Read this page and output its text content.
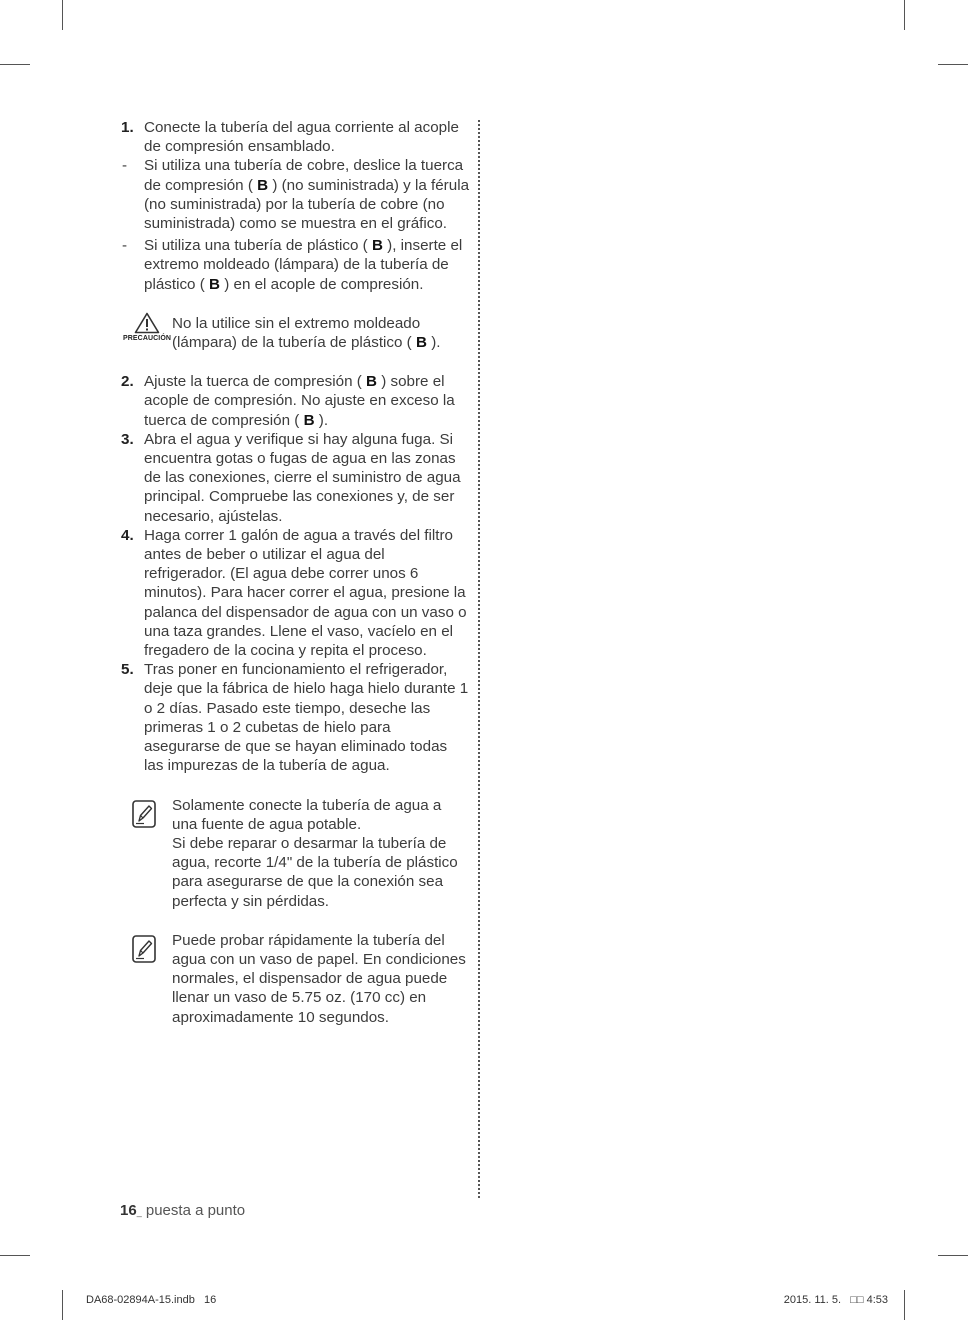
1. Conecte la tubería del agua corriente al acople de compresión ensamblado.
- Si utiliza una tubería de cobre, deslice la tuerca de compresión ( B ) (no suministrada) y la férula (no suministrada) por la tubería de cobre (no suministrada) como se muestra en el gráfico.
- Si utiliza una tubería de plástico ( B ), inserte el extremo moldeado (lámpara) de la tubería de plástico ( B ) en el acople de compresión.
PRECAUCIÓN
No la utilice sin el extremo moldeado (lámpara) de la tubería de plástico ( B ).
2. Ajuste la tuerca de compresión ( B ) sobre el acople de compresión. No ajuste en exceso la tuerca de compresión ( B ).
3. Abra el agua y verifique si hay alguna fuga. Si encuentra gotas o fugas de agua en las zonas de las conexiones, cierre el suministro de agua principal. Compruebe las conexiones y, de ser necesario, ajústelas.
4. Haga correr 1 galón de agua a través del filtro antes de beber o utilizar el agua del refrigerador. (El agua debe correr unos 6 minutos). Para hacer correr el agua, presione la palanca del dispensador de agua con un vaso o una taza grandes. Llene el vaso, vacíelo en el fregadero de la cocina y repita el proceso.
5. Tras poner en funcionamiento el refrigerador, deje que la fábrica de hielo haga hielo durante 1 o 2 días. Pasado este tiempo, deseche las primeras 1 o 2 cubetas de hielo para asegurarse de que se hayan eliminado todas las impurezas de la tubería de agua.
Solamente conecte la tubería de agua a una fuente de agua potable.
Si debe reparar o desarmar la tubería de agua, recorte 1/4" de la tubería de plástico para asegurarse de que la conexión sea perfecta y sin pérdidas.
Puede probar rápidamente la tubería del agua con un vaso de papel. En condiciones normales, el dispensador de agua puede llenar un vaso de 5.75 oz. (170 cc) en aproximadamente 10 segundos.
16_ puesta a punto
DA68-02894A-15.indb   16	2015. 11. 5.   □□ 4:53
